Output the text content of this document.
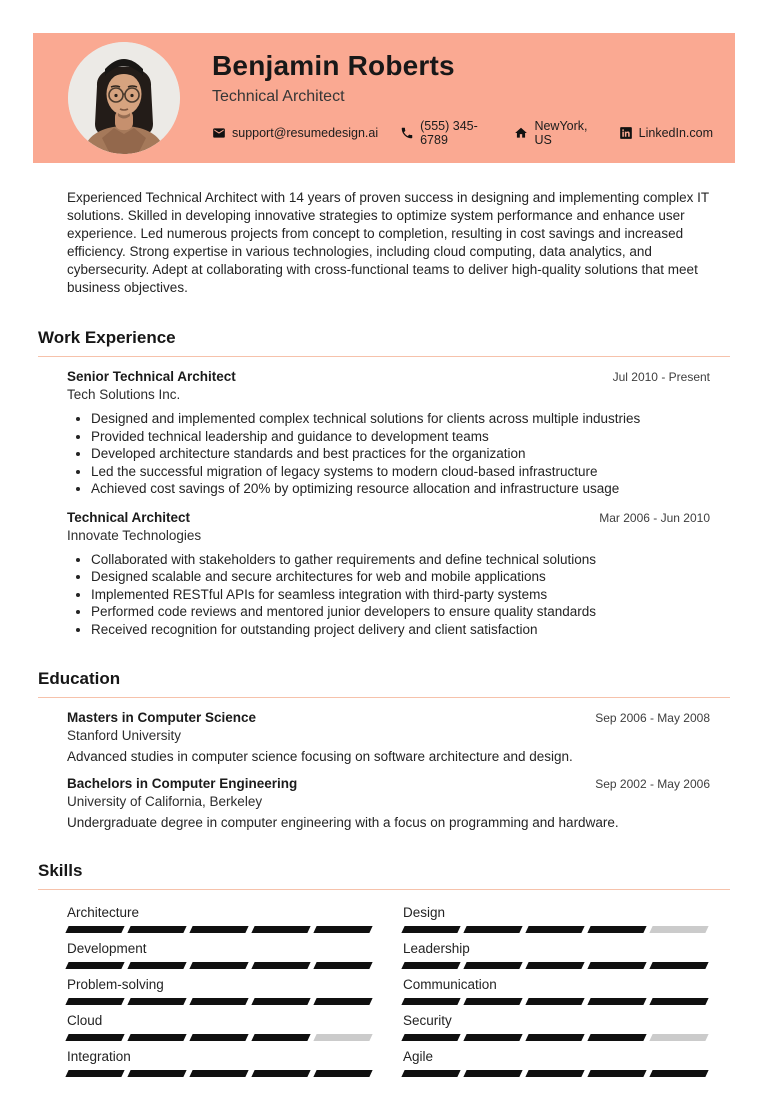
Benjamin Roberts
Technical Architect
support@resumedesign.ai	(555) 345-6789
NewYork, US	LinkedIn.com

Experienced Technical Architect with 14 years of proven success in designing and implementing complex IT solutions. Skilled in developing innovative strategies to optimize system performance and enhance user experience. Led numerous projects from concept to completion, resulting in cost savings and increased efficiency. Strong expertise in various technologies, including cloud computing, data analytics, and cybersecurity. Adept at collaborating with cross-functional teams to deliver high-quality solutions that meet business objectives.

Work Experience
Senior Technical Architect	Jul 2010 - Present
Tech Solutions Inc.
• Designed and implemented complex technical solutions for clients across multiple industries
• Provided technical leadership and guidance to development teams
• Developed architecture standards and best practices for the organization
• Led the successful migration of legacy systems to modern cloud-based infrastructure
• Achieved cost savings of 20% by optimizing resource allocation and infrastructure usage
Technical Architect	Mar 2006 - Jun 2010
Innovate Technologies
• Collaborated with stakeholders to gather requirements and define technical solutions
• Designed scalable and secure architectures for web and mobile applications
• Implemented RESTful APIs for seamless integration with third-party systems
• Performed code reviews and mentored junior developers to ensure quality standards
• Received recognition for outstanding project delivery and client satisfaction
Education
Masters in Computer Science	Sep 2006 - May 2008
Stanford University
Advanced studies in computer science focusing on software architecture and design.
Bachelors in Computer Engineering	Sep 2002 - May 2006
University of California, Berkeley
Undergraduate degree in computer engineering with a focus on programming and hardware.
Skills
Architecture	Design
Development	Leadership
Problem-solving	Communication
Cloud	Security
Integration	Agile
